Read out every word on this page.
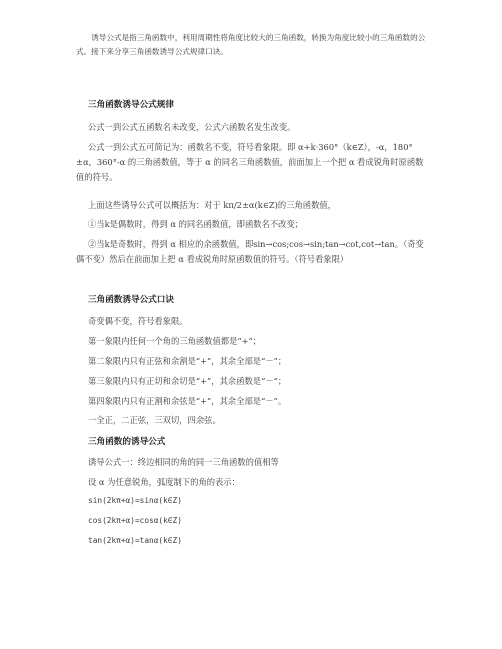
诱导公式是指三角函数中，利用周期性将角度比较大的三角函数，转换为角度比较小的三角函数的公式。接下来分享三角函数诱导公式规律口诀。

三角函数诱导公式规律
公式一到公式五函数名未改变，公式六函数名发生改变。
公式一到公式五可简记为：函数名不变，符号看象限。即 α+k·360°（k∈Z），-α，180°±α，360°-α 的三角函数值，等于 α 的同名三角函数值，前面加上一个把 α 看成锐角时原函数值的符号。
上面这些诱导公式可以概括为：对于 kπ/2±α(k∈Z)的三角函数值，
①当k是偶数时，得到 α 的同名函数值，即函数名不改变；
②当k是奇数时，得到 α 相应的余函数值，即sin→cos;cos→sin;tan→cot,cot→tan。（奇变偶不变）然后在前面加上把 α 看成锐角时原函数值的符号。（符号看象限）
三角函数诱导公式口诀
奇变偶不变，符号看象限。
第一象限内任何一个角的三角函数值都是“+”；
第二象限内只有正弦和余割是“+”，其余全部是“－”；
第三象限内只有正切和余切是“+”，其余函数是“－”；
第四象限内只有正割和余弦是“+”，其余全部是“－”。
一全正，二正弦，三双切，四余弦。
三角函数的诱导公式
诱导公式一：终边相同的角的同一三角函数的值相等
设 α 为任意锐角，弧度制下的角的表示：
sin(2kπ+α)=sinα(k∈Z)
cos(2kπ+α)=cosα(k∈Z)
tan(2kπ+α)=tanα(k∈Z)
